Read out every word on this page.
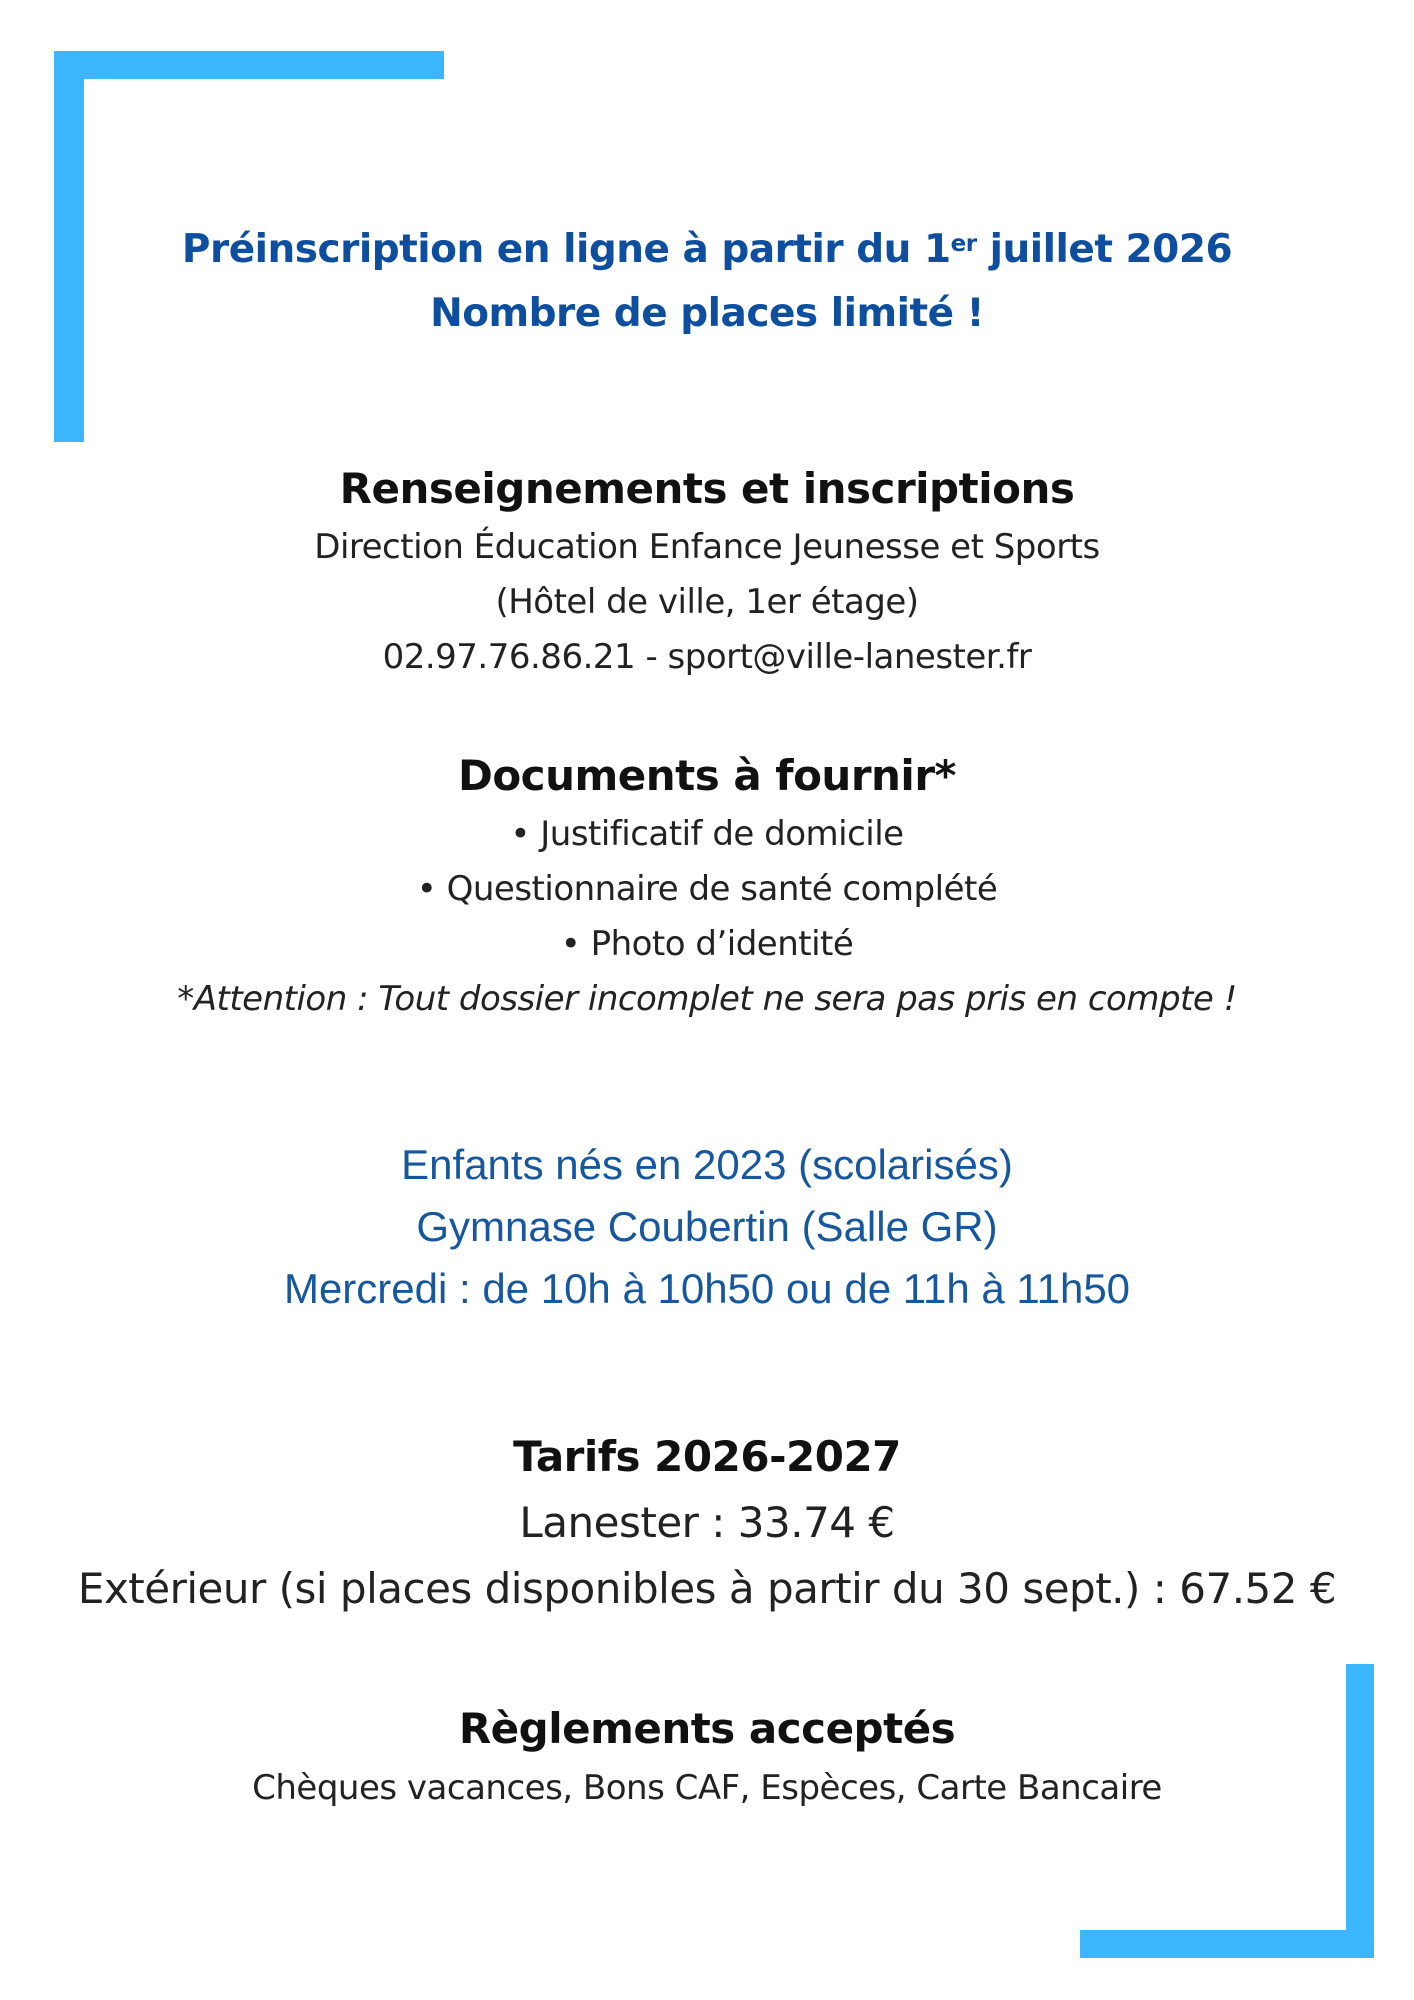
Préinscription en ligne à partir du 1er juillet 2026
Nombre de places limité !
Renseignements et inscriptions
Direction Éducation Enfance Jeunesse et Sports
(Hôtel de ville, 1er étage)
02.97.76.86.21 - sport@ville-lanester.fr
Documents à fournir*
• Justificatif de domicile
• Questionnaire de santé complété
• Photo d’identité
*Attention : Tout dossier incomplet ne sera pas pris en compte !
Enfants nés en 2023 (scolarisés)
Gymnase Coubertin (Salle GR)
Mercredi : de 10h à 10h50 ou de 11h à 11h50
Tarifs 2026-2027
Lanester : 33.74 €
Extérieur (si places disponibles à partir du 30 sept.) : 67.52 €
Règlements acceptés
Chèques vacances, Bons CAF, Espèces, Carte Bancaire
